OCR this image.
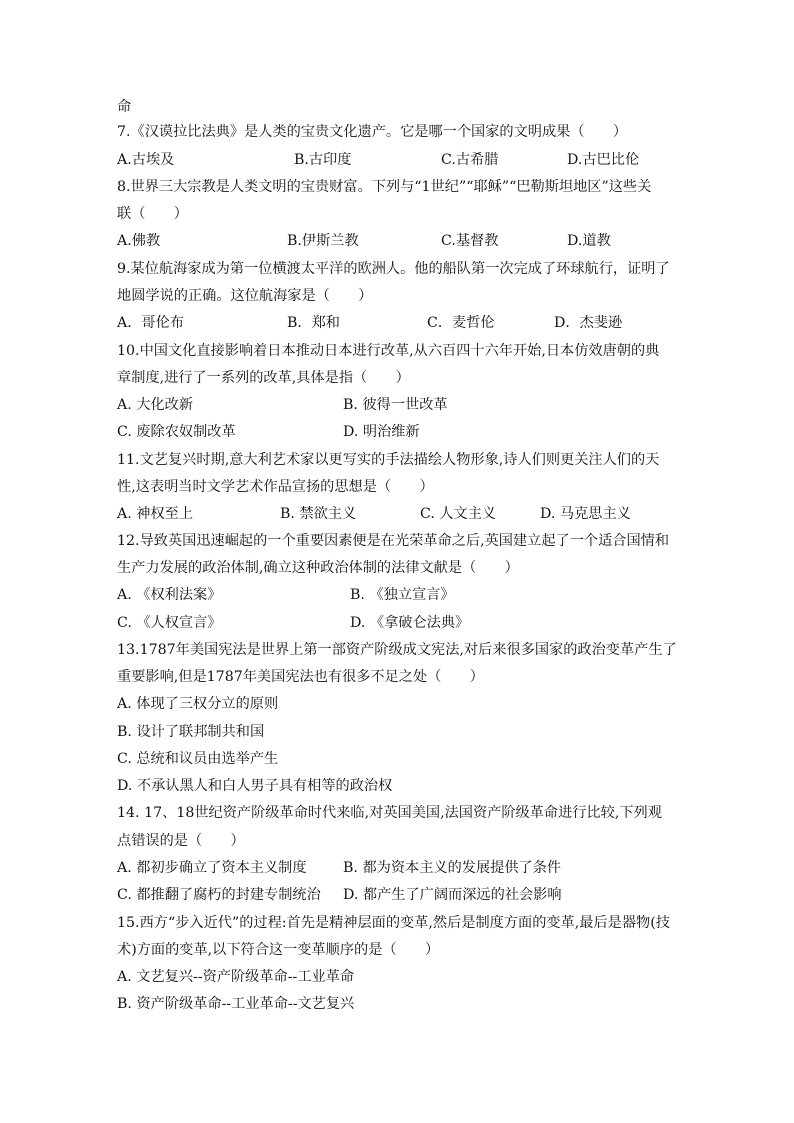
命
7.《汉谟拉比法典》是人类的宝贵文化遗产。它是哪一个国家的文明成果（　　）
A.古埃及	B.古印度	C.古希腊	D.古巴比伦
8.世界三大宗教是人类文明的宝贵财富。下列与“1世纪”“耶稣”“巴勒斯坦地区”这些关
联（　　）
A.佛教	B.伊斯兰教	C.基督教	D.道教
9.某位航海家成为第一位横渡太平洋的欧洲人。他的船队第一次完成了环球航行，证明了
地圆学说的正确。这位航海家是（　　）
A．哥伦布	B．郑和	C．麦哲伦	D．杰斐逊
10.中国文化直接影响着日本推动日本进行改革,从六百四十六年开始,日本仿效唐朝的典
章制度,进行了一系列的改革,具体是指（　　）
A. 大化改新	B. 彼得一世改革
C. 废除农奴制改革	D. 明治维新
11.文艺复兴时期,意大利艺术家以更写实的手法描绘人物形象,诗人们则更关注人们的天
性,这表明当时文学艺术作品宣扬的思想是（　　）
A. 神权至上	B. 禁欲主义	C. 人文主义	D. 马克思主义
12.导致英国迅速崛起的一个重要因素便是在光荣革命之后,英国建立起了一个适合国情和
生产力发展的政治体制,确立这种政治体制的法律文献是（　　）
A. 《权利法案》	B. 《独立宣言》
C. 《人权宣言》	D. 《拿破仑法典》
13.1787年美国宪法是世界上第一部资产阶级成文宪法,对后来很多国家的政治变革产生了
重要影响,但是1787年美国宪法也有很多不足之处（　　）
A. 体现了三权分立的原则
B. 设计了联邦制共和国
C. 总统和议员由选举产生
D. 不承认黑人和白人男子具有相等的政治权
14. 17、18世纪资产阶级革命时代来临,对英国美国,法国资产阶级革命进行比较,下列观
点错误的是（　　）
A. 都初步确立了资本主义制度	B. 都为资本主义的发展提供了条件
C. 都推翻了腐朽的封建专制统治 D. 都产生了广阔而深远的社会影响
15.西方“步入近代”的过程:首先是精神层面的变革,然后是制度方面的变革,最后是器物(技
术)方面的变革,以下符合这一变革顺序的是（　　）
A. 文艺复兴--资产阶级革命--工业革命
B. 资产阶级革命--工业革命--文艺复兴
